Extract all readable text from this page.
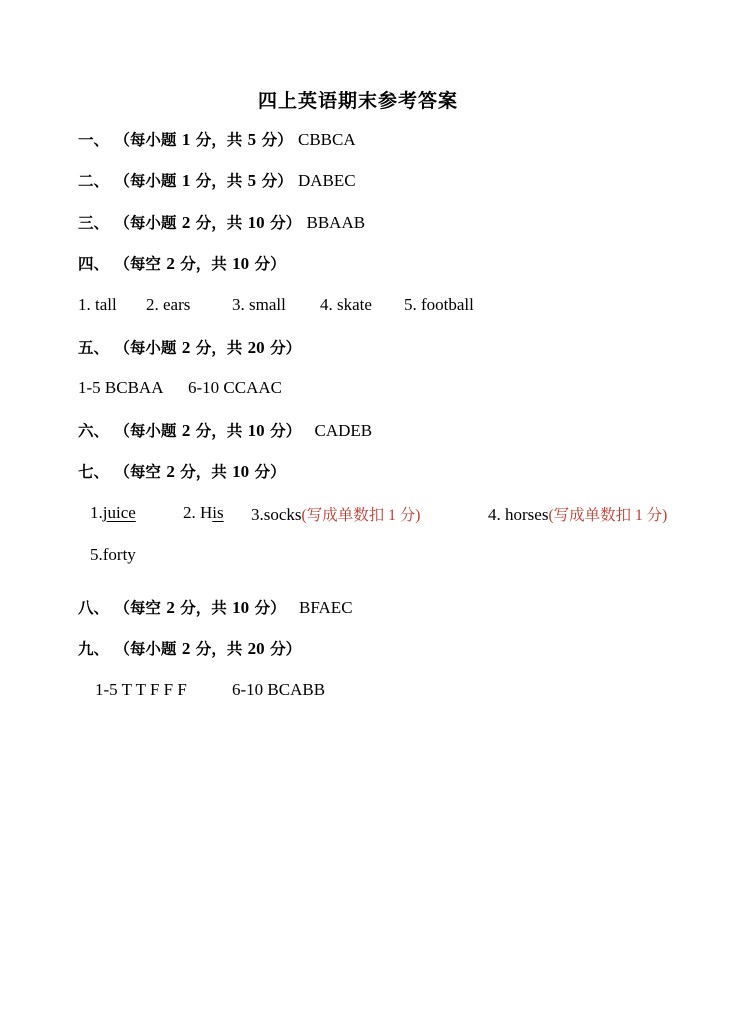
四上英语期末参考答案
一、 （每小题 1 分，共 5 分） CBBCA
二、 （每小题 1 分，共 5 分） DABEC
三、 （每小题 2 分，共 10 分） BBAAB
四、 （每空 2 分，共 10 分）
1. tall 2. ears 3. small 4. skate 5. football
五、 （每小题 2 分，共 20 分）
1-5 BCBAA 6-10 CCAAC
六、 （每小题 2 分，共 10 分） CADEB
七、 （每空 2 分，共 10 分）
1.juice	2. His 3.socks(写成单数扣 1 分)	4. horses(写成单数扣 1 分)
5.forty
八、 （每空 2 分，共 10 分） BFAEC
九、 （每小题 2 分，共 20 分）
1-5 T T F F F	6-10 BCABB
